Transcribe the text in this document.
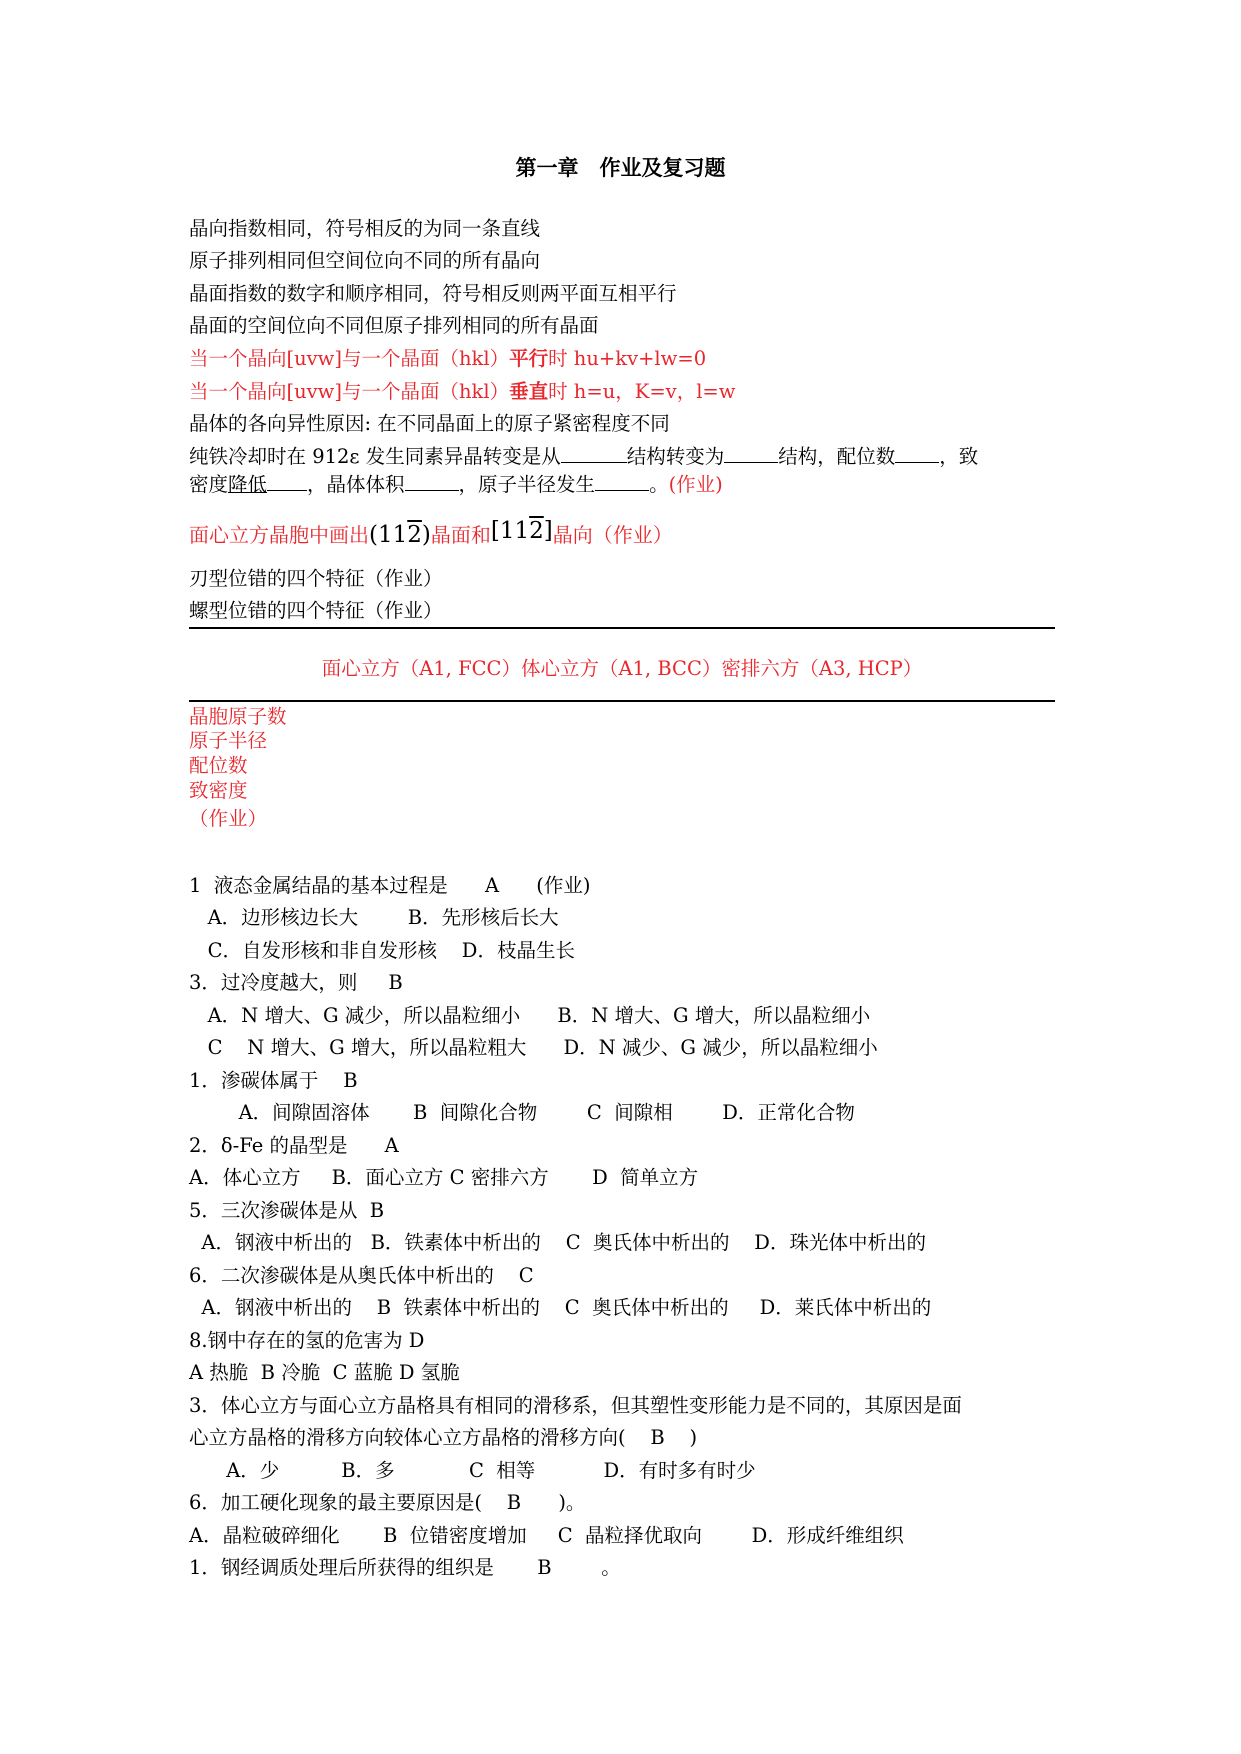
第一章　作业及复习题
晶向指数相同，符号相反的为同一条直线
原子排列相同但空间位向不同的所有晶向
晶面指数的数字和顺序相同，符号相反则两平面互相平行
晶面的空间位向不同但原子排列相同的所有晶面
当一个晶向[uvw]与一个晶面（hkl）平行时 hu+kv+lw=0
当一个晶向[uvw]与一个晶面（hkl）垂直时 h=u，K=v，l=w
晶体的各向异性原因: 在不同晶面上的原子紧密程度不同
纯铁冷却时在 912ε 发生同素异晶转变是从	结构转变为	结构，配位数 ，致
密度降低 ，晶体体积	，原子半径发生	。(作业)
面心立方晶胞中画出(112)晶面和[112]晶向（作业）
刃型位错的四个特征（作业）
螺型位错的四个特征（作业）
面心立方（A1, FCC）体心立方（A1, BCC）密排六方（A3, HCP）
晶胞原子数
原子半径
配位数
致密度
（作业）
1  液态金属结晶的基本过程是      A      (作业)
A．边形核边长大        B．先形核后长大
C．自发形核和非自发形核    D．枝晶生长
3．过冷度越大，则     B
A．N 增大、G 减少，所以晶粒细小      B．N 增大、G 增大，所以晶粒细小
C    N 增大、G 增大，所以晶粒粗大      D．N 减少、G 减少，所以晶粒细小
1．渗碳体属于    B
A．间隙固溶体       B  间隙化合物        C  间隙相        D．正常化合物
2．δ-Fe 的晶型是      A
A．体心立方     B．面心立方 C 密排六方       D  简单立方
5．三次渗碳体是从  B
A．钢液中析出的   B．铁素体中析出的    C  奥氏体中析出的    D．珠光体中析出的
6．二次渗碳体是从奥氏体中析出的    C
A．钢液中析出的    B  铁素体中析出的    C  奥氏体中析出的     D．莱氏体中析出的
8.钢中存在的氢的危害为 D
A 热脆  B 冷脆  C 蓝脆 D 氢脆
3．体心立方与面心立方晶格具有相同的滑移系，但其塑性变形能力是不同的，其原因是面
心立方晶格的滑移方向较体心立方晶格的滑移方向(    B    )
A．少          B．多            C  相等           D．有时多有时少
6．加工硬化现象的最主要原因是(    B      )。
A．晶粒破碎细化       B  位错密度增加     C  晶粒择优取向        D．形成纤维组织
1．钢经调质处理后所获得的组织是       B        。
